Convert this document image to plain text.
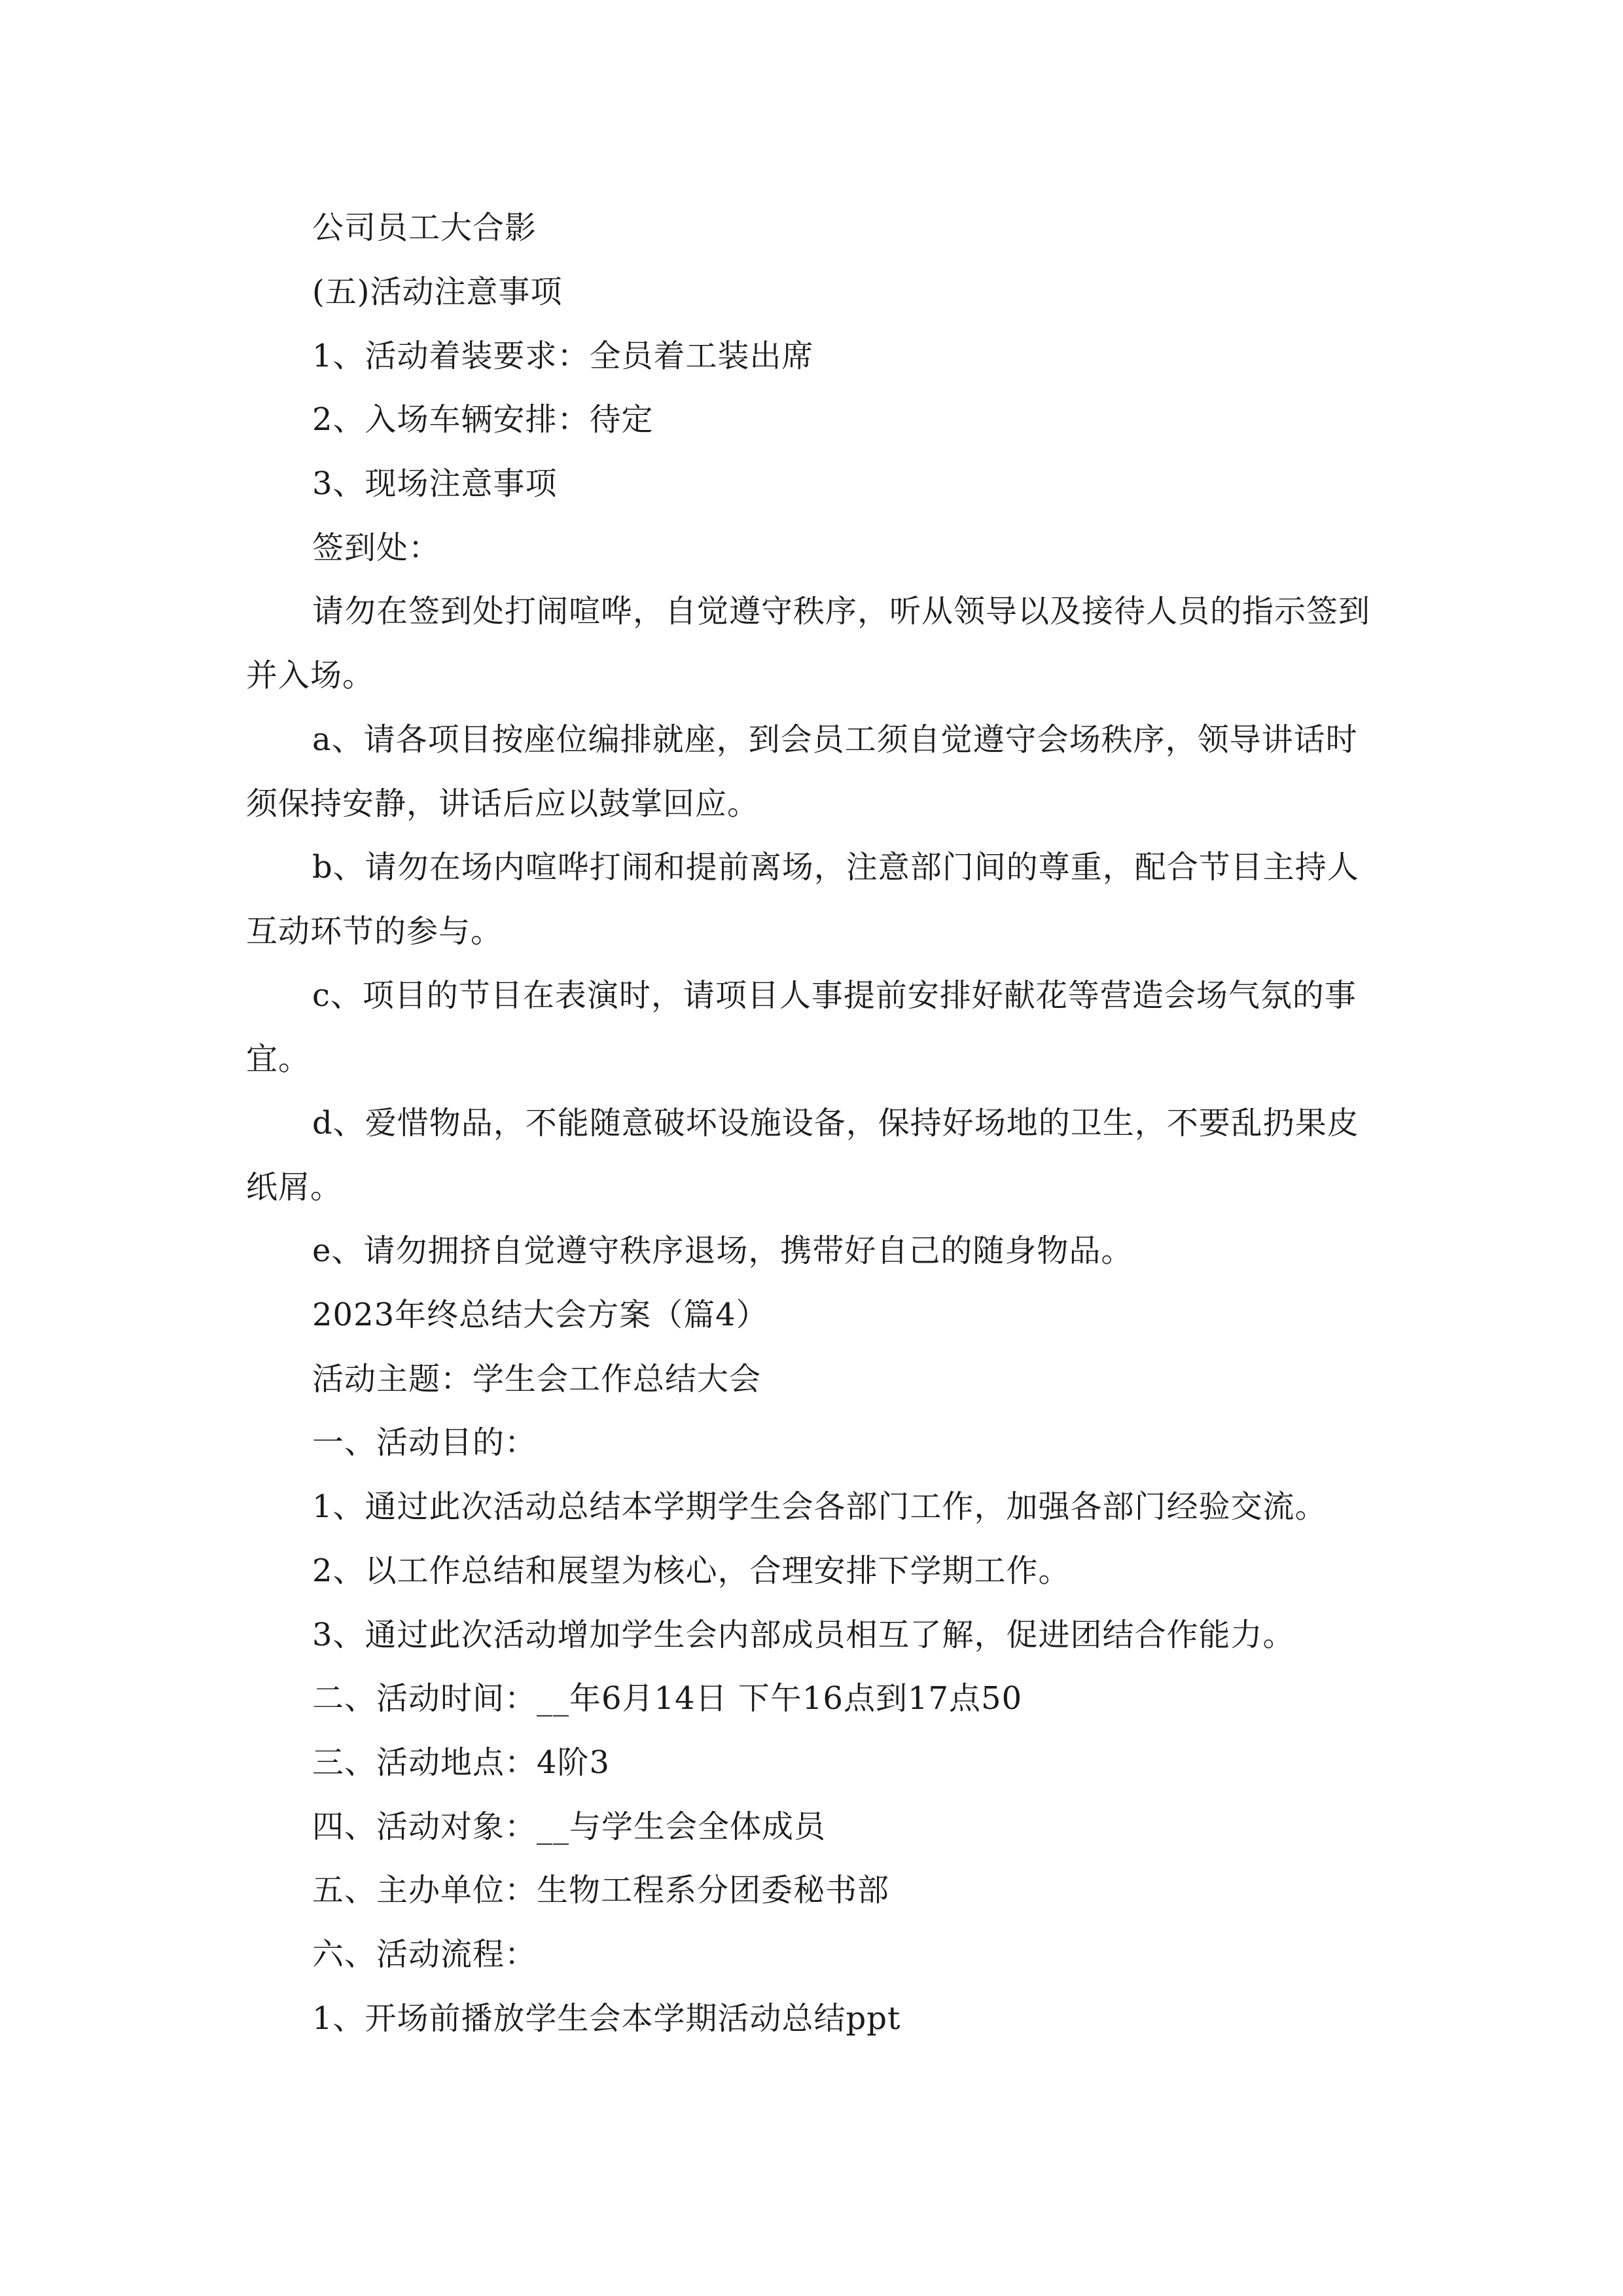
公司员工大合影
(五)活动注意事项
1、活动着装要求：全员着工装出席
2、入场车辆安排：待定
3、现场注意事项
签到处：
请勿在签到处打闹喧哗，自觉遵守秩序，听从领导以及接待人员的指示签到
并入场。
a、请各项目按座位编排就座，到会员工须自觉遵守会场秩序，领导讲话时
须保持安静，讲话后应以鼓掌回应。
b、请勿在场内喧哗打闹和提前离场，注意部门间的尊重，配合节目主持人
互动环节的参与。
c、项目的节目在表演时，请项目人事提前安排好献花等营造会场气氛的事
宜。
d、爱惜物品，不能随意破坏设施设备，保持好场地的卫生，不要乱扔果皮
纸屑。
e、请勿拥挤自觉遵守秩序退场，携带好自己的随身物品。
2023年终总结大会方案（篇4）
活动主题：学生会工作总结大会
一、活动目的：
1、通过此次活动总结本学期学生会各部门工作，加强各部门经验交流。
2、以工作总结和展望为核心，合理安排下学期工作。
3、通过此次活动增加学生会内部成员相互了解，促进团结合作能力。
二、活动时间：__年6月14日 下午16点到17点50
三、活动地点：4阶3
四、活动对象：__与学生会全体成员
五、主办单位：生物工程系分团委秘书部
六、活动流程：
1、开场前播放学生会本学期活动总结ppt
